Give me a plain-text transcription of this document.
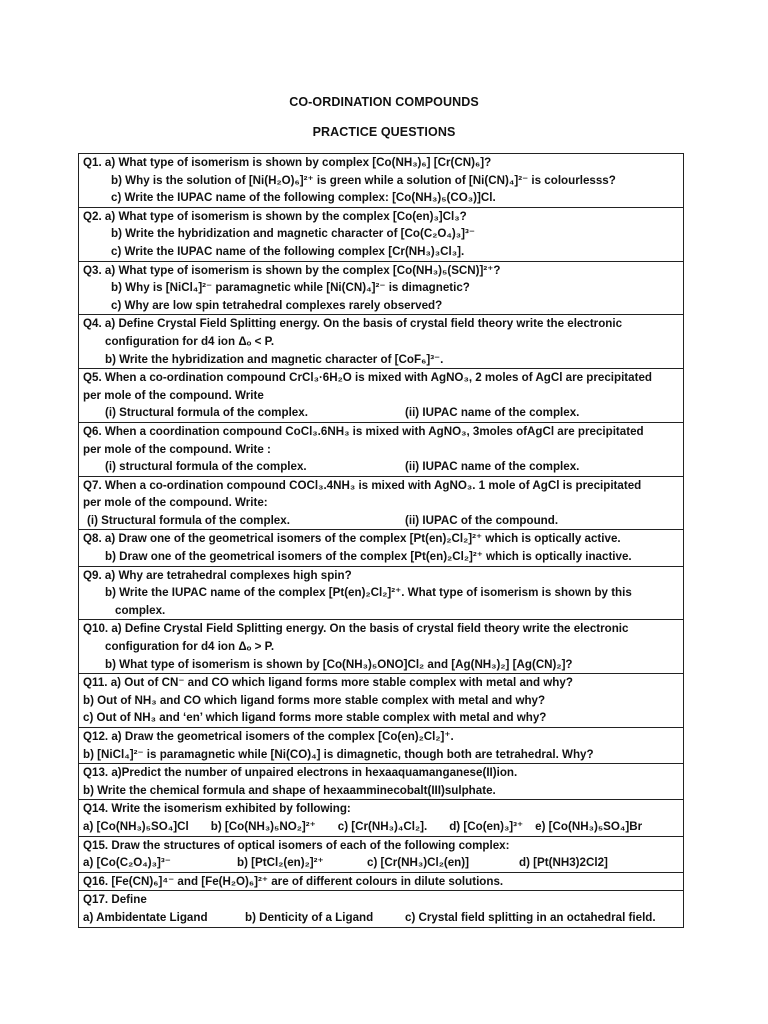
CO-ORDINATION COMPOUNDS
PRACTICE QUESTIONS
Q1. a) What type of isomerism is shown by complex [Co(NH₃)₆] [Cr(CN)₆]?
b) Why is the solution of [Ni(H₂O)₆]²⁺ is green while a solution of [Ni(CN)₄]²⁻ is colourlesss?
c) Write the IUPAC name of the following complex: [Co(NH₃)₅(CO₃)]Cl.

Q2. a) What type of isomerism is shown by the complex [Co(en)₃]Cl₃?
b) Write the hybridization and magnetic character of [Co(C₂O₄)₃]³⁻
c) Write the IUPAC name of the following complex [Cr(NH₃)₃Cl₃].

Q3. a) What type of isomerism is shown by the complex [Co(NH₃)₅(SCN)]²⁺?
b) Why is [NiCl₄]²⁻ paramagnetic while [Ni(CN)₄]²⁻ is dimagnetic?
c) Why are low spin tetrahedral complexes rarely observed?

Q4. a) Define Crystal Field Splitting energy. On the basis of crystal field theory write the electronic
configuration for d4 ion Δₒ < P.
b) Write the hybridization and magnetic character of [CoF₆]³⁻.

Q5. When a co-ordination compound CrCl₃·6H₂O is mixed with AgNO₃, 2 moles of AgCl are precipitated
per mole of the compound. Write
(i) Structural formula of the complex.	(ii) IUPAC name of the complex.

Q6. When a coordination compound CoCl₃.6NH₃ is mixed with AgNO₃, 3moles ofAgCl are precipitated
per mole of the compound. Write :
(i) structural formula of the complex.	(ii) IUPAC name of the complex.

Q7. When a co-ordination compound COCl₃.4NH₃ is mixed with AgNO₃. 1 mole of AgCl is precipitated
per mole of the compound. Write:
(i) Structural formula of the complex.	(ii) IUPAC of the compound.

Q8. a) Draw one of the geometrical isomers of the complex [Pt(en)₂Cl₂]²⁺ which is optically active.
b) Draw one of the geometrical isomers of the complex [Pt(en)₂Cl₂]²⁺ which is optically inactive.

Q9. a) Why are tetrahedral complexes high spin?
b) Write the IUPAC name of the complex [Pt(en)₂Cl₂]²⁺. What type of isomerism is shown by this
complex.

Q10. a) Define Crystal Field Splitting energy. On the basis of crystal field theory write the electronic
configuration for d4 ion Δₒ > P.
b) What type of isomerism is shown by [Co(NH₃)₅ONO]Cl₂ and [Ag(NH₃)₂] [Ag(CN)₂]?

Q11. a) Out of CN⁻ and CO which ligand forms more stable complex with metal and why?
b) Out of NH₃ and CO which ligand forms more stable complex with metal and why?
c) Out of NH₃ and ‘en’ which ligand forms more stable complex with metal and why?

Q12. a) Draw the geometrical isomers of the complex [Co(en)₂Cl₂]⁺.
b) [NiCl₄]²⁻ is paramagnetic while [Ni(CO)₄] is dimagnetic, though both are tetrahedral. Why?

Q13. a)Predict the number of unpaired electrons in hexaaquamanganese(II)ion.
b) Write the chemical formula and shape of hexaamminecobalt(III)sulphate.

Q14. Write the isomerism exhibited by following:
a) [Co(NH₃)₅SO₄]Cl b) [Co(NH₃)₅NO₂]²⁺ c) [Cr(NH₃)₄Cl₂]. d) [Co(en)₃]³⁺ e) [Co(NH₃)₅SO₄]Br

Q15. Draw the structures of optical isomers of each of the following complex:
a) [Co(C₂O₄)₃]³⁻	b) [PtCl₂(en)₂]²⁺	c) [Cr(NH₃)Cl₂(en)]	d) [Pt(NH3)2Cl2]

Q16. [Fe(CN)₆]⁴⁻ and [Fe(H₂O)₆]²⁺ are of different colours in dilute solutions.

Q17. Define
a) Ambidentate Ligand	b) Denticity of a Ligand	c) Crystal field splitting in an octahedral field.
